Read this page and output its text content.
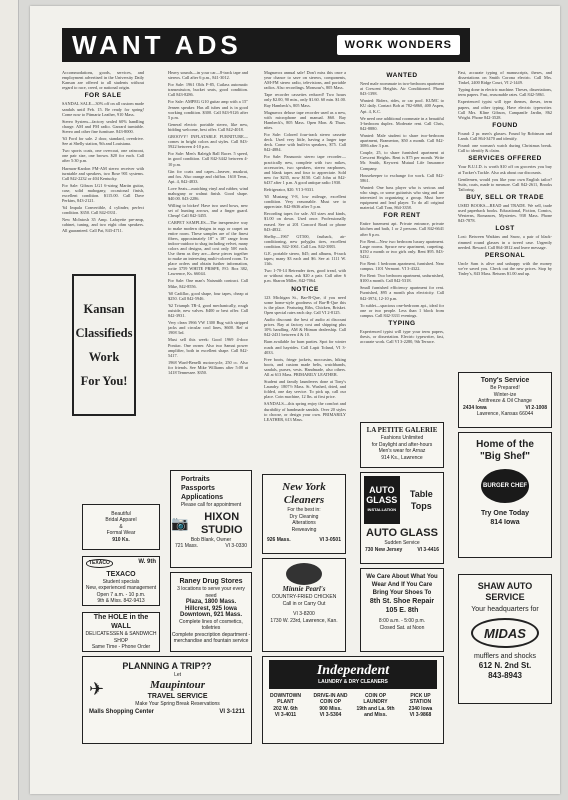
WANT ADS	WORK WONDERS

Accommodations, goods, services, and employment advertised in the University Daily Kansan are offered to all students without regard to race, creed, or national origin.

FOR SALE

SANDAL SALE—30% off on all custom made sandals until Feb. 15. Be ready for spring! Come now to Pitmartz Leather, 910 Mass.

Stereo System—factory sealed 60% handling charge. AM and FM radio. Garrard turntable. Stereo and other fine furniture. 843-8000.

'63 Ford for sale. 2 door, standard, overdrive. See at Shelly station, 9th and Louisiana.

Two sports coats, one overcoat, one raincoat, one pair size, one brown. $20 for each. Call after 5:30 p.m.

Harmon-Kardon FM-AM stereo receiver with turntable and speakers, two Bose 901 systems. Call 842-2232 or 404 Kentucky.

For Sale: Gibson LG1 6-string Martin guitar, case, solid mahogany, occasional finish, excellent condition. $115.00. Call Dave Perkins, 843-2121.

'64 Impala Convertible, 4 cylinder, perfect condition. $350. Call 842-0331.

New McIntosh 35 Amp. Lafayette pre-amp, cabinet, tuning, and two eight ohm speakers. All guaranteed. Call Pat, 843-4711.

Kansan
Classifieds
Work
For You!

Heavy sounds—in your car—8-track tape and stereos. Call after 6 p.m., 841-3012.

For Sale: 1961 Olds F-85, Cutlass automatic transmission, bucket seats, good condition. Call 843-8286.

For Sale: AMPEG G10 guitar amp with a 15" Jensen speaker. Has all tubes and is in good working condition. $300. Call 843-9126 after 5 p.m.

General electric portable stereo, like new, bidding welcome, best offer. Call 842-4018.

GROOVY! INFLATABLE FURNITURE—comes in bright colors and styles. Call 843-5922 between 4-10 p.m.

For Sale: Men's Raleigh Ball Racer. 5 speed, in good condition. Call 842-3442 between 4-10 p.m.

Gin for coats and capes—beaver, muskrat, and fox. Also orange and chiffon. 1610 Tenn., Apt. 4, 842-4833.

Love Seats—matching vinyl and rubber, wind mahogany or walnut finish. Good shape. $40.00. 843-2286.

Willing to bicker! Have two used bows, new set of hunting arrows, and a finger guard. Cheap! Call 842-3455.

CARPET SAMPLES—The inexpensive way to make modern designs in rugs or carpet an entire room. These samples are of the finest fibers, approximately 18" x 18" range from indoor-outdoor to shag including velvet, many colors and designs, and cost only 50¢ each. Use them as they are—these pieces together to make an interesting multi-colored room. To place orders and obtain further information, write 3759 WHITE PRISPE, P.O. Box 382, Lawrence, Ks. 66044.

For Sale: One man's Naismith contract. Call Mike, 842-8556.

'60 Cadillac, good shape, four tapes, cheap at $250. Call 842-5946.

'62 Triumph TR-4, good mechanically, rough outside, new valves. $400 or best offer. Call 842-3931.

Very clean 1966 VW 1300 Bug with stripped jacks and circular cool lines, $600. Ref at 1908 3rd.

Must sell this week: Good 1969 4-door Pontiac. One owner. Also two Sansui power amplifier, both in excellent shape. Call 842-5417.

1968 Ward-Benelli motorcycle, 250 cc. Also for friends. See Mike Williams after 5:00 at 1418 Tennessee. $350.

Magnavox annual sale! Don't miss this once a year chance to save on stereos, components, AM-FM stereo radio, televisions, and portable radios. Also recordings. Monsour's, 805 Mass.

Tape recorder cassettes reduced! Two hours only $2.00, 90 min., only $1.60. 60 min. $1.00. Ray Hambeck's, 805 Mass.

Magnavox deluxe tape recorder used as a new, with microphone and manual. $60. Ray Hambeck's, 805 Mass. Open Mon. & Thurs. nites.

For Sale: Colored four-track stereo cassette deck. Used very little, having a larger tape deck. Come with built-in speakers, $75. Call 842-4884.

For Sale: Panasonic stereo tape recorder—practically new, complete with two mikes, accessories, two speakers, stereo earphones, and blank tapes and four to appreciate. Sold new for $235, now $150. Call John at 842-6437 after 1 p.m. A good antique radio 1930.

Refrigerator, $20. VI 3-9331.

'65 Mustang V-8, low mileage, excellent condition. Very reasonable. Must see to appreciate. 842-8636 after 5 p.m.

Recording tapes for sale. All sizes and kinds, $1.00 on down. Used once. Professionally erased. See at 201 Concord Road or phone 843-4832.

Shelby—1967 GT500, fastback, air-conditioning, new polyglas tires, excellent condition. 842-1061. Call Lou. 842-3883.

G.E. portable stereo, $45; and albums, 8-track tapes; many $3 each and $6. See at 1111 W. 11th.

Two 1-70-14 Retreader tires, good tread, with or without rims, ask $20 a pair. Call after 6 p.m. Sharon Miller, 842-7064.

NOTICE

123 Michigan St., Bar-B-Que, if you need some home-style goodness of Bar-B-Que this is the place. Featuring Ribs, Chicken, Brisket. Open special rates each day. Call VI 2-8125.

Audio discount: the best of audio at discount prices. Ray at factory cost and shipping plus 10% handling. AM & Hitman dealership. Call 842-2431 between 4 & 10.

Barn available for barn parties. Spot for winter roads and hayrides. Call Lapit Toland, VI 3-4033.

Free boots, fringe jackets, moccasins, hiking boots, and custom made belts, watchbands, sandals, purses, vests. Handmade, also others. All at 613 Mass. PRIMARILY LEATHER.

Student and family launderers done at Tony's Laundry. 1807½ Mass. St. Washed, dried, and folded, one day service. To pick up, call our place. Coin machine, 12 lbs. at first price.

SANDALS—this spring enjoy the comfort and durability of handmade sandals. Over 20 styles to choose, or design your own. PRIMARILY LEATHER, 613 Mass.

WANTED

Need male roommate in two-bedroom apartment at Crescent Heights. Air Conditioned. Phone 843-1398.

Wanted: Riders, rides, or car pool. KUMC to KU daily. Contact Bob at 782-6860, 400 Aspen, Apt. 4, K.C.

We need one additional roommate in a beautiful 3-bedroom duplex. Moderate rent. Call Chris, 842-8880.

Wanted: Male student to share two-bedroom apartment, Bramerton, $50 a month. Call 842-3086 after 3 p.m.

Couple, 25, to share furnished apartment at Crescent Heights. Rent is $75 per month. Write Mr. Smith, Keywest Mutual Life Insurance Company.

Housekeeper to exchange for work. Call 842-5861.

Wanted: One bass player who is serious and who sings, or some guitarists who sing and are interested in organizing a group. Must have equipment and lead player. To do all original material. Call Tom, 864-3358.

FOR RENT

Entire basement apt. Private entrance, private kitchen and bath, 1 or 2 persons. Call 842-6641 after 6 p.m.

For Rent—New two bedroom luxury apartment. Large rooms. Spruce new apartment, carpeting. $150 a month or two girls only. Rent $95. 843-5432.

For Rent: 1 bedroom apartment, furnished. Near campus. 1101 Vermont. VI 3-4322.

For Rent: Two bedroom apartment, unfurnished, $100 a month. Call 842-5318.

Small furnished efficiency apartment for rent. Furnished, $95 a month plus electricity. Call 842-3974, 12-10 p.m.

To sublet—spacious one-bedroom apt., ideal for one or two people. Less than 1 block from campus. Call 842-3331 evenings.

TYPING

Experienced typist will type your term papers, thesis, or dissertation. Electric typewriter, fast, accurate work. Call VI 3-2280, 9th Terrace.

Fast, accurate typing of manuscripts, theses, and dissertations on Smith Corona electric. Call Mrs. Tinkel, 2400 Ridge Court, VI 2-1449.

Typing done in electric machine. Theses, dissertations, term papers. Fast, reasonable rates. Call 842-5861.

Experienced typist will type themes, theses, term papers, and other typing. Have electric typewriter. Call Mrs. Kline Gibson, Campanile Jardin, 862 Wright. Phone 842-3528.

FOUND

Found: 2 pr. men's glasses. Found by Robinson and Lamb. Call 864-3470 and identify.

Found: one woman's watch during Christmas break. Call to identify & claim.

SERVICES OFFERED

Your B.U.I.D. is worth $10 off on groceries you buy at Tucker's Tackle. Also ask about our discounts.

Gentlemen, would you like your own English tailor? Suits, coats, made to measure. Call 842-2611, Brooks Tailoring.

BUY, SELL OR TRADE

USED BOOKS—READ and TRADE. We sell, trade used paperback books. Educational, Fiction, Comics, Westerns, Romances, Mysteries. 938 Mass. Phone 843-7878.

LOST

Lost: Between Watkins and Snow, a pair of black-rimmed round glasses in a tweed case. Urgently needed. Reward. Call 864-3812 and leave message.

PERSONAL

Uncle Sam is alive and unhappy with the money we've saved you. Check out the new prices. Stop by Tinley's, 843 Mass. Returns $1.00 and up.

Beautiful
Bridal Apparel
&
Formal Wear
910 Ks.
TEXACO	W. 9th
TEXACO
Student specials
New, experienced management
Open 7 a.m. - 10 p.m.
9th & Miss. 842-9413
The HOLE in the WALL
DELICATESSEN & SANDWICH SHOP
Same Time - Phone Order
Portraits
Passports
Applications
Please call for appointment
📷	HIXON STUDIO
Bob Blank, Owner
721 Mass.	VI 3-0330
Raney Drug Stores
3 locations to serve your every need
Plaza, 1800 Mass.
Hillcrest, 925 Iowa
Downtown, 921 Mass.
Complete lines of cosmetics, toiletries
Complete prescription department - merchandise and fountain service
New York Cleaners
For the best in:
Dry Cleaning
Alterations
Reweaving
926 Mass.	VI 3-0501
Minnie Pearl's
COUNTRY-FRIED CHICKEN
Call in or Carry Out
VI 3-8200
1730 W. 23rd, Lawrence, Kan.
LA PETITE GALERIE
Fashions Unlimited
for Daylight and after-hours
Men's wear for Arnaz
914 Ks., Lawrence
AUTO
GLASS
INSTALLATION
Table Tops
AUTO GLASS
Sudden Service
730 New Jersey	VI 3-4416
We Care About What You Wear And If You Care Bring Your Shoes To
8th St. Shoe Repair
105 E. 8th
8:00 a.m. - 5:00 p.m.
Closed Sat. at Noon
Tony's Service
Be Prepared!
Winter-ize
Antifreeze & Oil Change
2434 Iowa	VI 2-1008
Lawrence, Kansas 66044
Home of the
"Big Shef"
BURGER CHEF
Try One Today
814 Iowa
SHAW AUTO
SERVICE
Your headquarters for
MIDAS
mufflers and shocks
612 N. 2nd St.
843-8943
PLANNING A TRIP??
✈
Let
Maupintour
TRAVEL SERVICE
Make Your Spring Break Reservations
Malls Shopping Center	VI 3-1211
Independent
LAUNDRY & DRY CLEANERS
DOWNTOWN PLANT
202 W. 6th
VI 3-4011
DRIVE-IN AND COIN OP
900 Miss.
VI 3-5304
COIN OP LAUNDRY
19th and La. 9th and Miss.
PICK UP STATION
2340 Iowa
VI 3-9868
